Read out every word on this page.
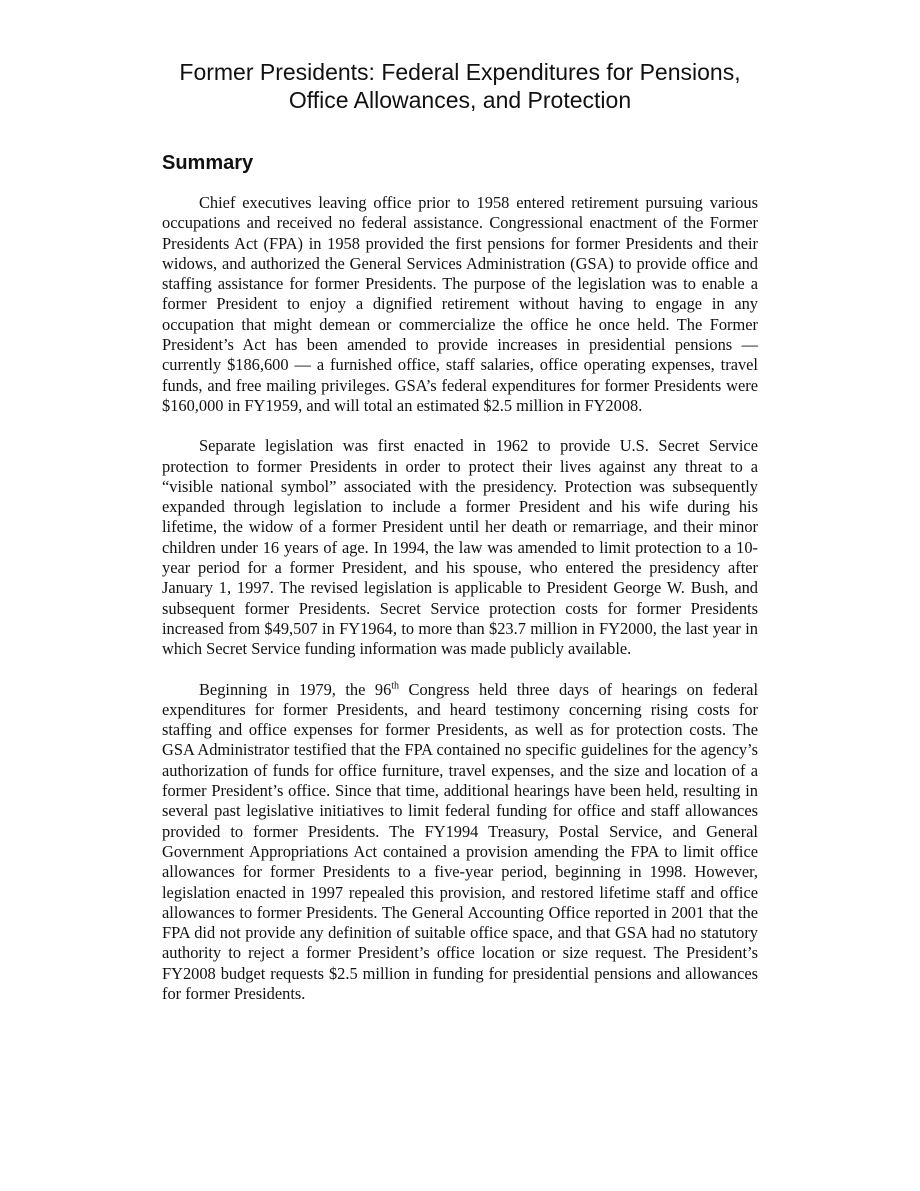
Former Presidents: Federal Expenditures for Pensions,
Office Allowances, and Protection
Summary

Chief executives leaving office prior to 1958 entered retirement pursuing various occupations and received no federal assistance. Congressional enactment of the Former Presidents Act (FPA) in 1958 provided the first pensions for former Presidents and their widows, and authorized the General Services Administration (GSA) to provide office and staffing assistance for former Presidents. The purpose of the legislation was to enable a former President to enjoy a dignified retirement without having to engage in any occupation that might demean or commercialize the office he once held. The Former President’s Act has been amended to provide increases in presidential pensions — currently $186,600 — a furnished office, staff salaries, office operating expenses, travel funds, and free mailing privileges. GSA’s federal expenditures for former Presidents were $160,000 in FY1959, and will total an estimated $2.5 million in FY2008.

Separate legislation was first enacted in 1962 to provide U.S. Secret Service protection to former Presidents in order to protect their lives against any threat to a “visible national symbol” associated with the presidency. Protection was subsequently expanded through legislation to include a former President and his wife during his lifetime, the widow of a former President until her death or remarriage, and their minor children under 16 years of age. In 1994, the law was amended to limit protection to a 10-year period for a former President, and his spouse, who entered the presidency after January 1, 1997. The revised legislation is applicable to President George W. Bush, and subsequent former Presidents. Secret Service protection costs for former Presidents increased from $49,507 in FY1964, to more than $23.7 million in FY2000, the last year in which Secret Service funding information was made publicly available.

Beginning in 1979, the 96th Congress held three days of hearings on federal expenditures for former Presidents, and heard testimony concerning rising costs for staffing and office expenses for former Presidents, as well as for protection costs. The GSA Administrator testified that the FPA contained no specific guidelines for the agency’s authorization of funds for office furniture, travel expenses, and the size and location of a former President’s office. Since that time, additional hearings have been held, resulting in several past legislative initiatives to limit federal funding for office and staff allowances provided to former Presidents. The FY1994 Treasury, Postal Service, and General Government Appropriations Act contained a provision amending the FPA to limit office allowances for former Presidents to a five-year period, beginning in 1998. However, legislation enacted in 1997 repealed this provision, and restored lifetime staff and office allowances to former Presidents. The General Accounting Office reported in 2001 that the FPA did not provide any definition of suitable office space, and that GSA had no statutory authority to reject a former President’s office location or size request. The President’s FY2008 budget requests $2.5 million in funding for presidential pensions and allowances for former Presidents.
